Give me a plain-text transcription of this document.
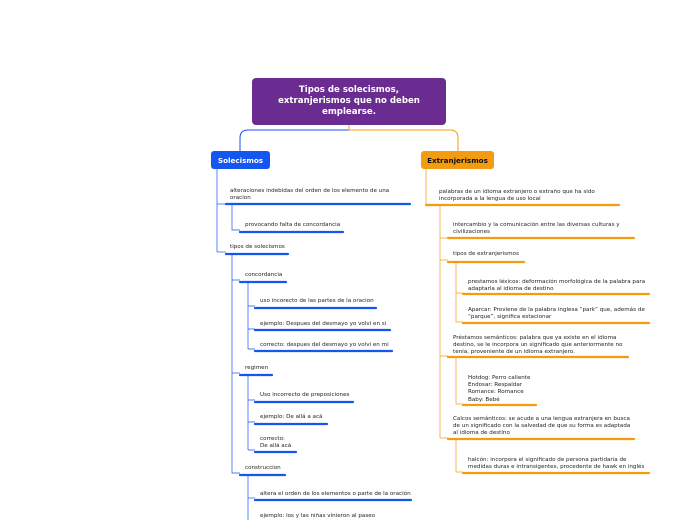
Tipos de solecismos, extranjerismos que no deben emplearse.
Solecismos	Extranjerismos
alteraciones indebidas del orden de los elemento de una
oracion
provocando falta de concordancia
tipos de solecismos
concordancia
uso incorecto de las partes de la oracion
ejemplo: Despues del desmayo yo volvi en si
correcto: despues del desmayo yo volvi en mi
regimen
Uso incorrecto de preposiciones
ejemplo: De allá a acá
correcto:
De allá acá
construccion
altera el orden de los elementos o parte de la oración
ejemplo: los y las niñas vinieron al paseo
palabras de un idioma extranjero o extraño que ha sido
incorporada a la lengua de uso local
intercambio y la comunicación entre las diversas culturas y
civilizaciones
tipos de extranjerismos
prestamos léxicos: deformación morfológica de la palabra para
adaptarla al idioma de destino
Aparcar: Proviene de la palabra inglesa “park” que, además de
“parque”, significa estacionar
Préstamos semánticos: palabra que ya existe en el idioma
destino, se le incorpora un significado que anteriormente no
tenía, proveniente de un idioma extranjero.
Hotdog: Perro caliente
Endosar: Respaldar
Romance: Romance
Baby: Bebé
Calcos semánticos: se acude a una lengua extranjera en busca
de un significado con la salvedad de que su forma es adaptada
al idioma de destino
halcón: incorpora el significado de persona partidaria de
medidas duras e intransigentes, procedente de hawk en inglés
